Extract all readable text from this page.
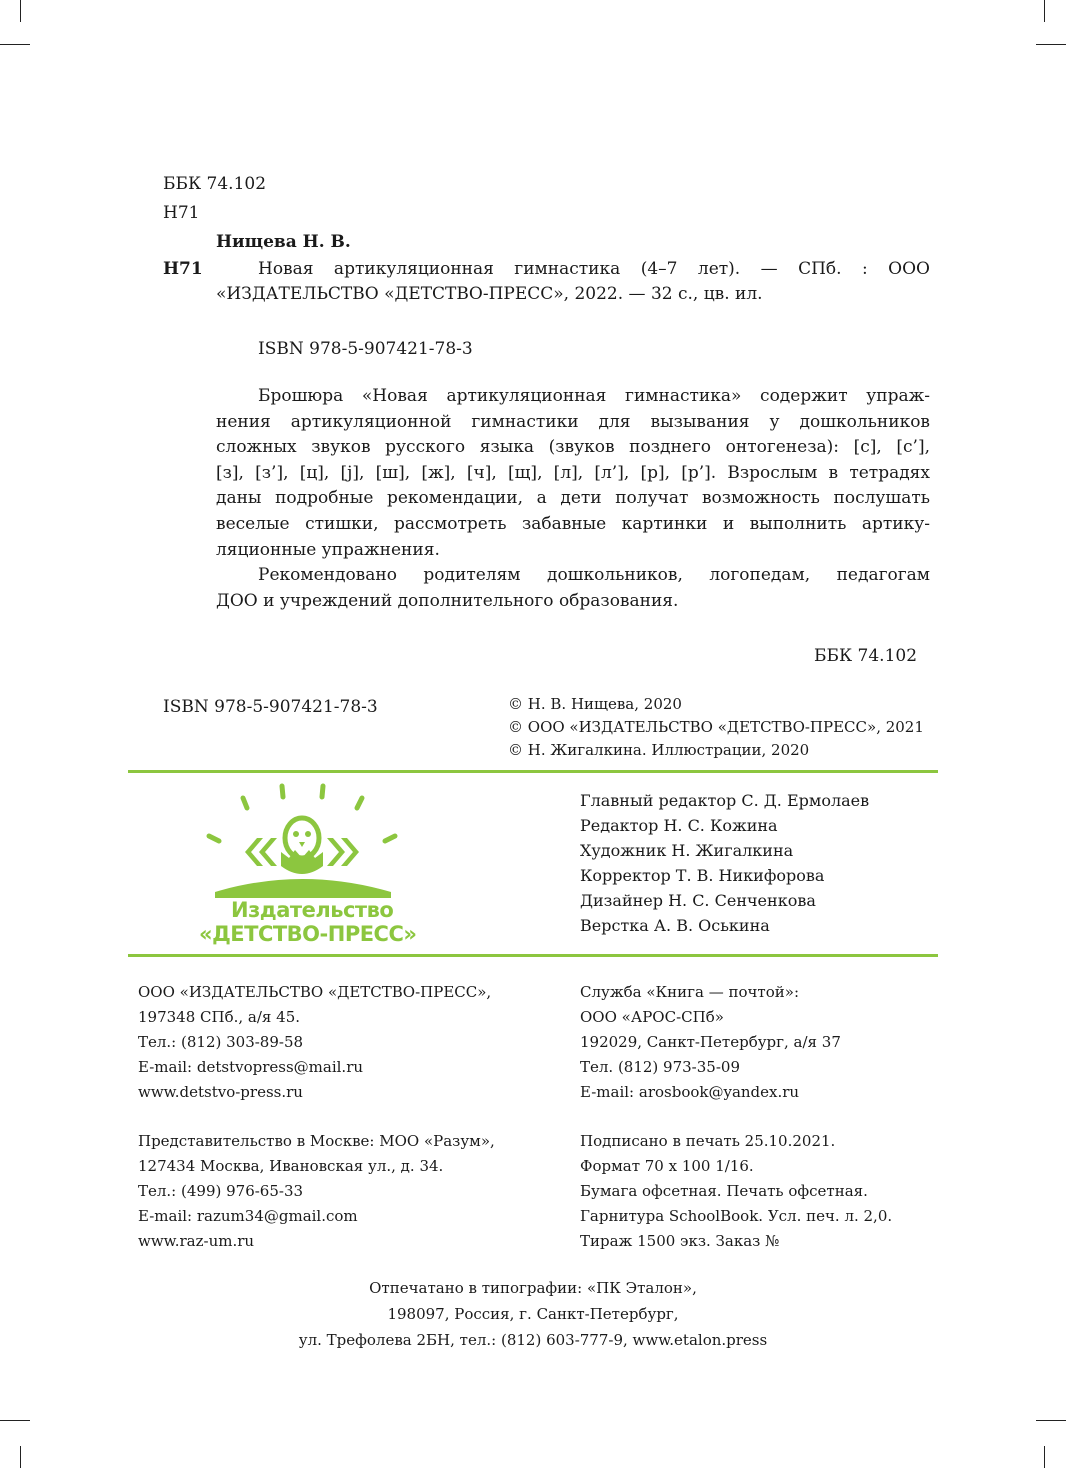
ББК 74.102
Н71
Нищева Н. В.
Н71	Новая артикуляционная гимнастика (4–7 лет). — СПб. : ООО
«ИЗДАТЕЛЬСТВО «ДЕТСТВО-ПРЕСС», 2022. — 32 с., цв. ил.
ISBN 978-5-907421-78-3
Брошюра «Новая артикуляционная гимнастика» содержит упраж-
нения артикуляционной гимнастики для вызывания у дошкольников
сложных звуков русского языка (звуков позднего онтогенеза): [с], [с’],
[з], [з’], [ц], [j], [ш], [ж], [ч], [щ], [л], [л’], [р], [р’]. Взрослым в тетрадях
даны подробные рекомендации, а дети получат возможность послушать
веселые стишки, рассмотреть забавные картинки и выполнить артику-
ляционные упражнения.
Рекомендовано родителям дошкольников, логопедам, педагогам
ДОО и учреждений дополнительного образования.
ББК 74.102
ISBN 978-5-907421-78-3	© Н. В. Нищева, 2020
© ООО «ИЗДАТЕЛЬСТВО «ДЕТСТВО-ПРЕСС», 2021
© Н. Жигалкина. Иллюстрации, 2020
Издательство
«ДЕТСТВО-ПРЕСС»
Главный редактор С. Д. Ермолаев
Редактор Н. С. Кожина
Художник Н. Жигалкина
Корректор Т. В. Никифорова
Дизайнер Н. С. Сенченкова
Верстка А. В. Оськина
ООО «ИЗДАТЕЛЬСТВО «ДЕТСТВО-ПРЕСС»,
197348 СПб., а/я 45.
Тел.: (812) 303-89-58
E-mail: detstvopress@mail.ru
www.detstvo-press.ru
Служба «Книга — почтой»:
ООО «АРОС-СПб»
192029, Санкт-Петербург, а/я 37
Тел. (812) 973-35-09
E-mail: arosbook@yandex.ru
Представительство в Москве: МОО «Разум»,
127434 Москва, Ивановская ул., д. 34.
Тел.: (499) 976-65-33
E-mail: razum34@gmail.com
www.raz-um.ru
Подписано в печать 25.10.2021.
Формат 70 x 100 1/16.
Бумага офсетная. Печать офсетная.
Гарнитура SchoolBook. Усл. печ. л. 2,0.
Тираж 1500 экз. Заказ №
Отпечатано в типографии: «ПК Эталон»,
198097, Россия, г. Санкт-Петербург,
ул. Трефолева 2БН, тел.: (812) 603-777-9, www.etalon.press
